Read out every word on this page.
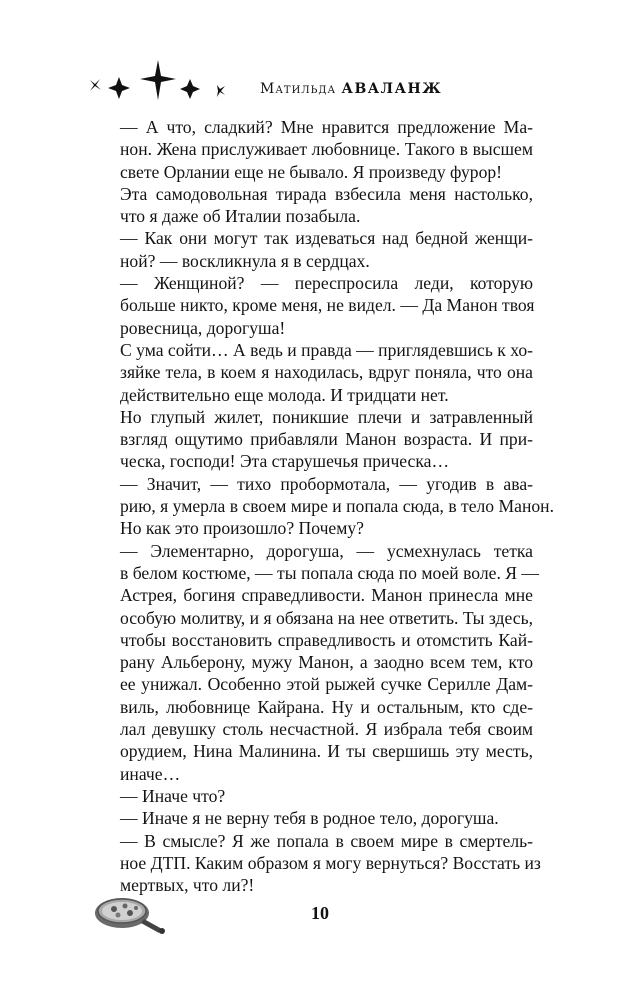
Матильда АВАЛАНЖ

— А что, сладкий? Мне нравится предложение Ма-
нон. Жена прислуживает любовнице. Такого в высшем
свете Орлании еще не бывало. Я произведу фурор!

Эта самодовольная тирада взбесила меня настолько,
что я даже об Италии позабыла.

— Как они могут так издеваться над бедной женщи-
ной? — воскликнула я в сердцах.

— Женщиной? — переспросила леди, которую
больше никто, кроме меня, не видел. — Да Манон твоя
ровесница, дорогуша!

С ума сойти… А ведь и правда — приглядевшись к хо-
зяйке тела, в коем я находилась, вдруг поняла, что она
действительно еще молода. И тридцати нет.

Но глупый жилет, поникшие плечи и затравленный
взгляд ощутимо прибавляли Манон возраста. И при-
ческа, господи! Эта старушечья прическа…

— Значит, — тихо пробормотала, — угодив в ава-
рию, я умерла в своем мире и попала сюда, в тело Манон.
Но как это произошло? Почему?

— Элементарно, дорогуша, — усмехнулась тетка
в белом костюме, — ты попала сюда по моей воле. Я —
Астрея, богиня справедливости. Манон принесла мне
особую молитву, и я обязана на нее ответить. Ты здесь,
чтобы восстановить справедливость и отомстить Кай-
рану Альберону, мужу Манон, а заодно всем тем, кто
ее унижал. Особенно этой рыжей сучке Серилле Дам-
виль, любовнице Кайрана. Ну и остальным, кто сде-
лал девушку столь несчастной. Я избрала тебя своим
орудием, Нина Малинина. И ты свершишь эту месть,
иначе…

— Иначе что?

— Иначе я не верну тебя в родное тело, дорогуша.

— В смысле? Я же попала в своем мире в смертель-
ное ДТП. Каким образом я могу вернуться? Восстать из
мертвых, что ли?!

10
